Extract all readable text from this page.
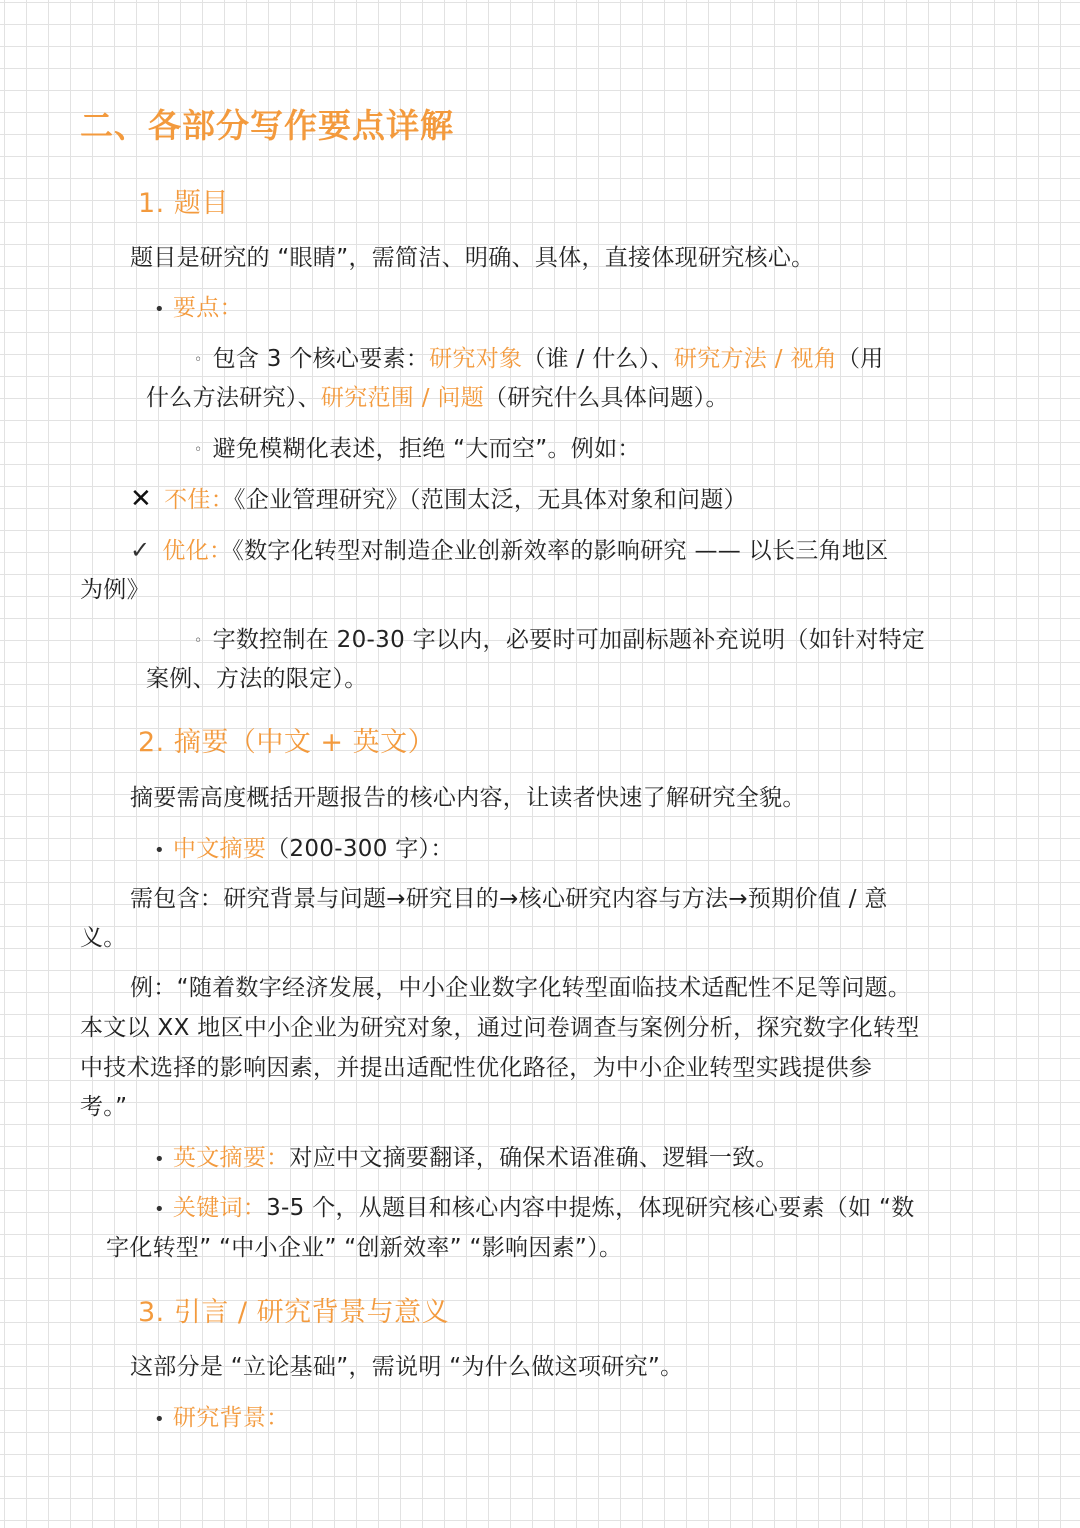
二、各部分写作要点详解
1. 题目
题目是研究的 “眼睛”，需简洁、明确、具体，直接体现研究核心。
• 要点：
◦ 包含 3 个核心要素：研究对象（谁 / 什么）、研究方法 / 视角（用
什么方法研究）、研究范围 / 问题（研究什么具体问题）。
◦ 避免模糊化表述，拒绝 “大而空”。例如：
✕ 不佳：《企业管理研究》（范围太泛，无具体对象和问题）
✓ 优化：《数字化转型对制造企业创新效率的影响研究 —— 以长三角地区
为例》
◦ 字数控制在 20-30 字以内，必要时可加副标题补充说明（如针对特定
案例、方法的限定）。
2. 摘要（中文 + 英文）
摘要需高度概括开题报告的核心内容，让读者快速了解研究全貌。
• 中文摘要（200-300 字）：
需包含：研究背景与问题→研究目的→核心研究内容与方法→预期价值 / 意
义。
例：“随着数字经济发展，中小企业数字化转型面临技术适配性不足等问题。
本文以 XX 地区中小企业为研究对象，通过问卷调查与案例分析，探究数字化转型
中技术选择的影响因素，并提出适配性优化路径，为中小企业转型实践提供参
考。”
• 英文摘要：对应中文摘要翻译，确保术语准确、逻辑一致。
• 关键词：3-5 个，从题目和核心内容中提炼，体现研究核心要素（如 “数
字化转型” “中小企业” “创新效率” “影响因素”）。
3. 引言 / 研究背景与意义
这部分是 “立论基础”，需说明 “为什么做这项研究”。
• 研究背景：
